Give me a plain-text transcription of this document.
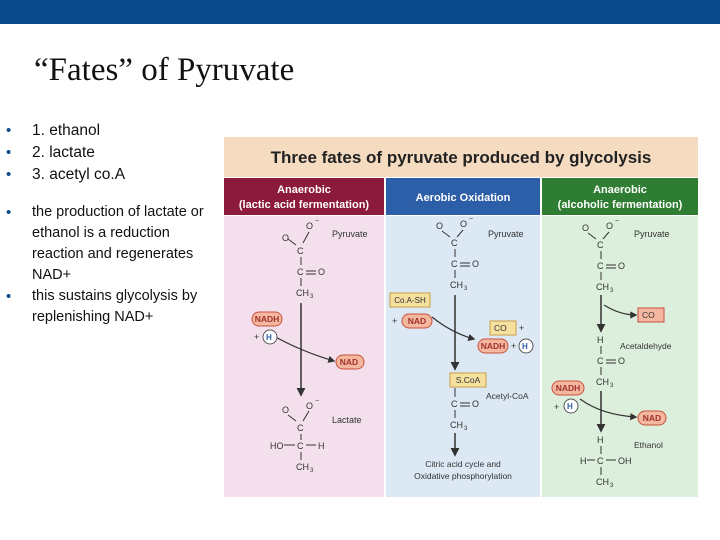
“Fates” of Pyruvate
• 1. ethanol
• 2. lactate
• 3. acetyl co.A
• the production of lactate or ethanol is a reduction reaction and regenerates NAD+
• this sustains glycolysis by replenishing NAD+
Three fates of pyruvate produced by glycolysis
Anaerobic
(lactic acid fermentation)
Aerobic Oxidation
Anaerobic
(alcoholic fermentation)
O
O −
C
C O
CH 3
Pyruvate
NADH
+ H
NAD
O O −
C
HO C H
CH 3
Lactate
O O −
C
C O
CH 3
Pyruvate
Co.A-SH
+ NAD
CO +
NADH + H
S.CoA
C O
CH 3
Acetyl-CoA
Citric acid cycle and
Oxidative phosphorylation
O O −
C
C O
CH 3
Pyruvate
CO
H
C O
CH 3
Acetaldehyde
NADH
+ H
NAD
H
H C OH
CH 3
Ethanol
